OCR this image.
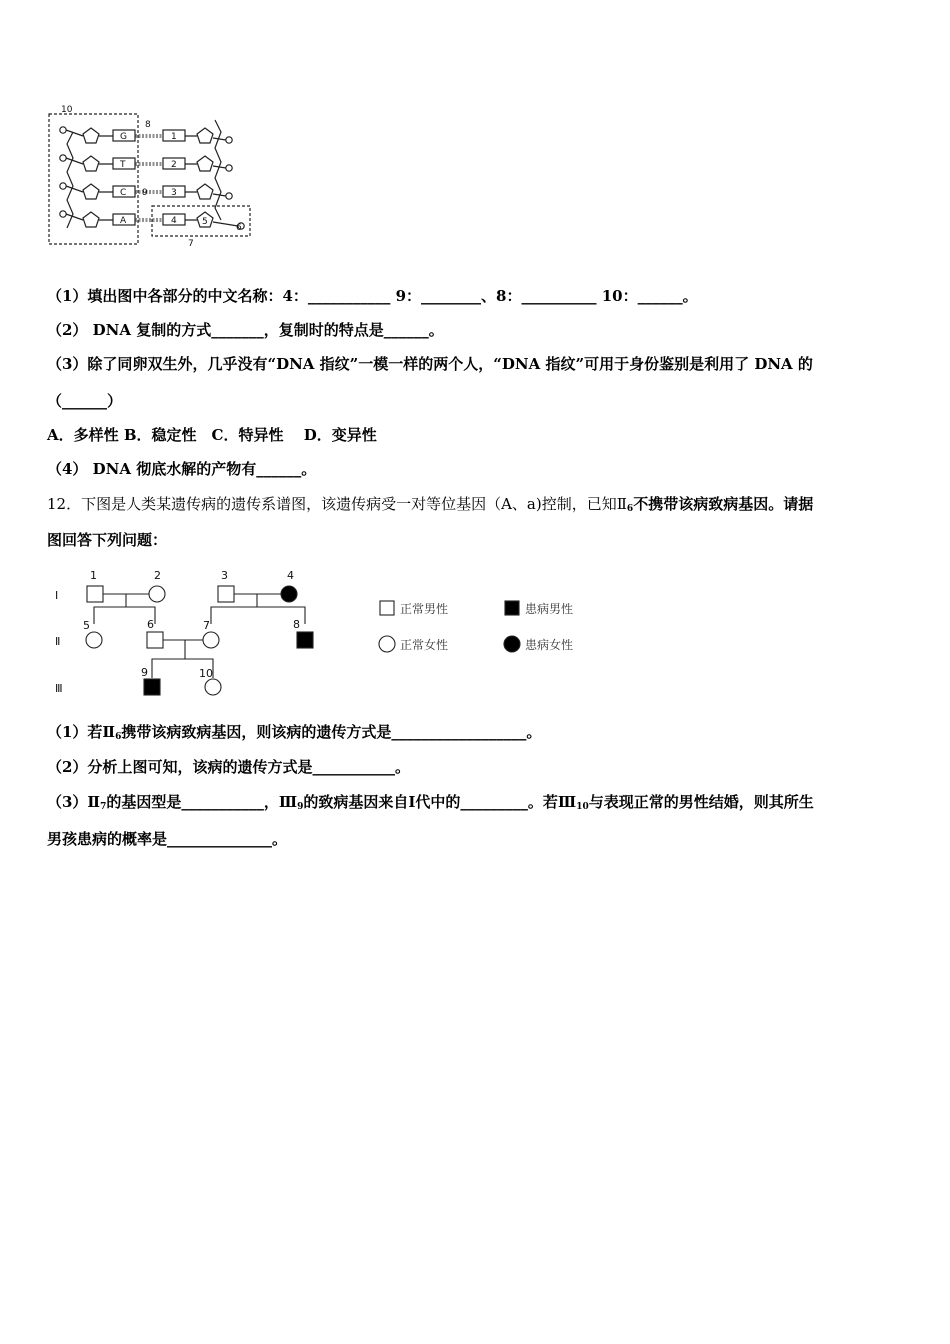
10
8
9
7
6
5
G
T
C
A
1
2
3
4
（1）填出图中各部分的中文名称：4：___________ 9：________、8：__________ 10：______。
（2） DNA 复制的方式_______，复制时的特点是______。
（3）除了同卵双生外，几乎没有“DNA 指纹”一模一样的两个人，“DNA 指纹”可用于身份鉴别是利用了 DNA 的
（______）
A．多样性 B．稳定性　C．特异性　 D．变异性
（4） DNA 彻底水解的产物有______。
12．下图是人类某遗传病的遗传系谱图，该遗传病受一对等位基因（A、a)控制，已知$Ⅱ_6$不携带该病致病基因。请据
图回答下列问题：
Ⅰ
Ⅱ
Ⅲ
1	2	3	4
5	6	7	8
9	10
正常男性	患病男性
正常女性	患病女性
（1）若$Ⅱ_6$携带该病致病基因，则该病的遗传方式是__________________。
（2）分析上图可知，该病的遗传方式是___________。
$(3)Ⅱ_7$的基因型是___________，$Ⅲ_9$的致病基因来自Ⅰ代中的_________。若$Ⅲ_{10}$与表现正常的男性结婚，则其所生
男孩患病的概率是______________。
